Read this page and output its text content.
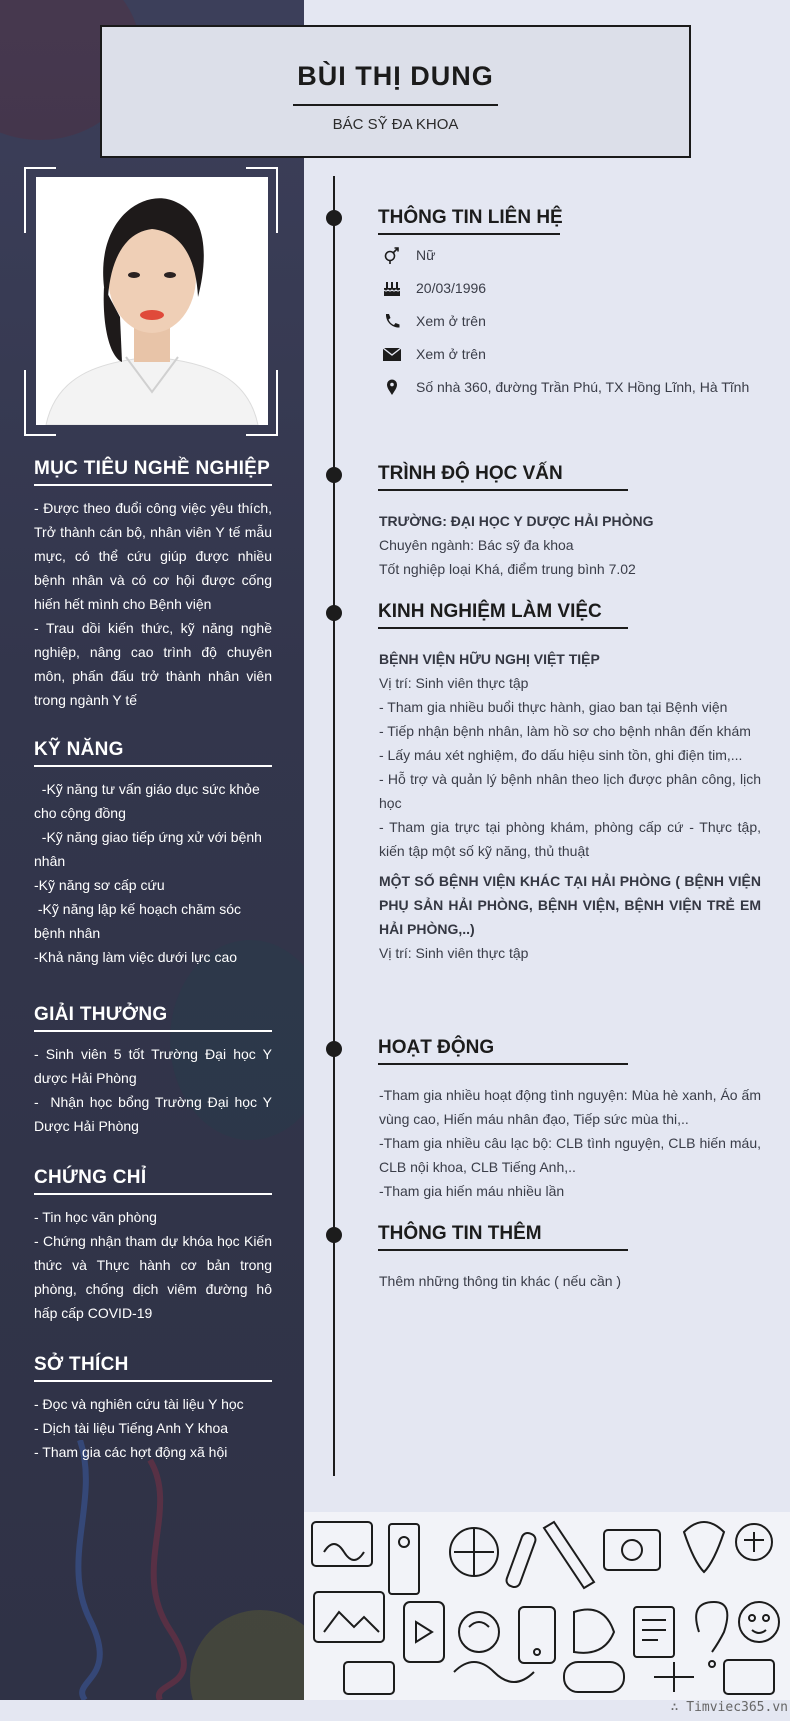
MỤC TIÊU NGHỀ NGHIỆP
- Được theo đuổi công việc yêu thích, Trở thành cán bộ, nhân viên Y tế mẫu mực, có thể cứu giúp được nhiều bệnh nhân và có cơ hội được cống hiến hết mình cho Bệnh viện
- Trau dồi kiến thức, kỹ năng nghề nghiệp, nâng cao trình độ chuyên môn, phấn đấu trở thành nhân viên trong ngành Y tế
KỸ NĂNG
-Kỹ năng tư vấn giáo dục sức khỏe cho cộng đồng
-Kỹ năng giao tiếp ứng xử với bệnh nhân
-Kỹ năng sơ cấp cứu
-Kỹ năng lập kế hoạch chăm sóc bệnh nhân
-Khả năng làm việc dưới lực cao
GIẢI THƯỞNG
- Sinh viên 5 tốt Trường Đại học Y dược Hải Phòng
-  Nhận học bổng Trường Đại học Y Dược Hải Phòng
CHỨNG CHỈ
- Tin học văn phòng
- Chứng nhận tham dự khóa học Kiến thức và Thực hành cơ bản trong phòng, chống dịch viêm đường hô hấp cấp COVID-19
SỞ THÍCH
- Đọc và nghiên cứu tài liệu Y học
- Dịch tài liệu Tiếng Anh Y khoa
- Tham gia các hợt động xã hội
BÙI THỊ DUNG
BÁC SỸ ĐA KHOA
THÔNG TIN LIÊN HỆ
Nữ
20/03/1996
Xem ở trên
Xem ở trên
Số nhà 360, đường Trần Phú, TX Hồng Lĩnh, Hà Tĩnh
TRÌNH ĐỘ HỌC VẤN
TRƯỜNG: ĐẠI HỌC Y DƯỢC HẢI PHÒNG
Chuyên ngành: Bác sỹ đa khoa
Tốt nghiệp loại Khá, điểm trung bình 7.02
KINH NGHIỆM LÀM VIỆC
BỆNH VIỆN HỮU NGHỊ VIỆT TIỆP
Vị trí: Sinh viên thực tập
- Tham gia nhiều buổi thực hành, giao ban tại Bệnh viện
- Tiếp nhận bệnh nhân, làm hồ sơ cho bệnh nhân đến khám
- Lấy máu xét nghiệm, đo dấu hiệu sinh tồn, ghi điện tim,...
- Hỗ trợ và quản lý bệnh nhân theo lịch được phân công, lịch học
- Tham gia trực tại phòng khám, phòng cấp cứ - Thực tập, kiến tập một số kỹ năng, thủ thuật
MỘT SỐ BỆNH VIỆN KHÁC TẠI HẢI PHÒNG ( BỆNH VIỆN PHỤ SẢN HẢI PHÒNG, BỆNH VIỆN, BỆNH VIỆN TRẺ EM HẢI PHÒNG,..)
Vị trí: Sinh viên thực tập
HOẠT ĐỘNG
-Tham gia nhiều hoạt động tình nguyện: Mùa hè xanh, Áo ấm vùng cao, Hiến máu nhân đạo, Tiếp sức mùa thi,..
-Tham gia nhiều câu lạc bộ: CLB tình nguyện, CLB hiến máu, CLB nội khoa, CLB Tiếng Anh,..
-Tham gia hiến máu nhiều lần
THÔNG TIN THÊM
Thêm những thông tin khác ( nếu cần )
∴ Timviec365.vn
